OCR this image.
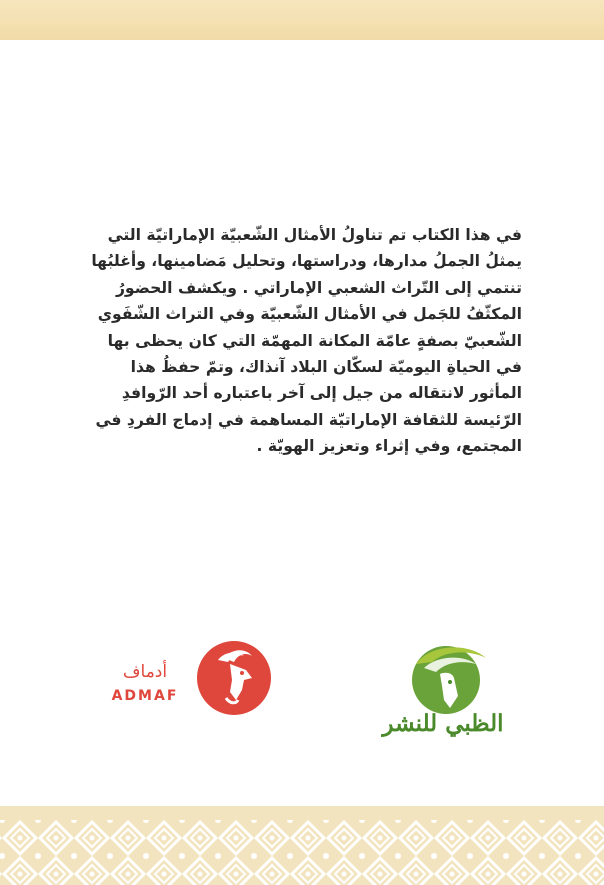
في هذا الكتاب تم تناولُ الأمثال الشّعبيّة الإماراتيّة التي
يمثلُ الجملُ مدارها، ودراستها، وتحليل مَضامينها، وأغلبُها
تنتمي إلى التّراث الشعبي الإماراتي . ويكشف الحضورُ
المكثّفُ للجَمل في الأمثال الشّعبيّة وفي التراث الشّفَوي
الشّعبيّ بصفةٍ عامّة المكانة المهمّة التي كان يحظى بها
في الحياةِ اليوميّة لسكّان البلاد آنذاك، وتمّ حفظُ هذا
المأثور لانتقاله من جيل إلى آخر باعتباره أحد الرّوافدِ
الرّئيسة للثقافة الإماراتيّة المساهمة في إدماج الفردِ في
المجتمع، وفي إثراء وتعزيز الهويّة .
أدماف
ADMAF
الظبي للنشر
